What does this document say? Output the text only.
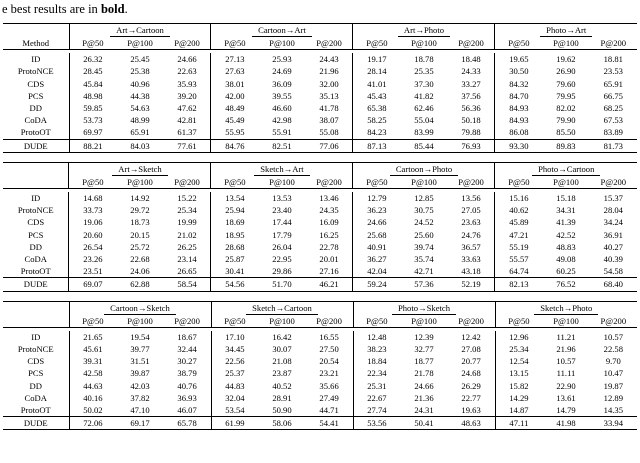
e best results are in bold.
	Art→Cartoon			Cartoon→Art			Art→Photo			Photo→Art		
Method	P@50	P@100	P@200	P@50	P@100	P@200	P@50	P@100	P@200	P@50	P@100	P@200

ID	26.32	25.45	24.66	27.13	25.93	24.43	19.17	18.78	18.48	19.65	19.62	18.81
ProtoNCE	28.45	25.38	22.63	27.63	24.69	21.96	28.14	25.35	24.33	30.50	26.90	23.53
CDS	45.84	40.96	35.93	38.01	36.09	32.00	41.01	37.30	33.27	84.32	79.60	65.91
PCS	48.98	44.38	39.20	42.00	39.55	35.13	45.43	41.82	37.56	84.70	79.95	66.75
DD	59.85	54.63	47.62	48.49	46.60	41.78	65.38	62.46	56.36	84.93	82.02	68.25
CoDA	53.73	48.99	42.81	45.49	42.98	38.07	58.25	55.04	50.18	84.93	79.90	67.53
ProtoOT	69.97	65.91	61.37	55.95	55.91	55.08	84.23	83.99	79.88	86.08	85.50	83.89
DUDE	88.21	84.03	77.61	84.76	82.51	77.06	87.13	85.44	76.93	93.30	89.83	81.73

	Art→Sketch			Sketch→Art			Cartoon→Photo			Photo→Cartoon		
	P@50	P@100	P@200	P@50	P@100	P@200	P@50	P@100	P@200	P@50	P@100	P@200

ID	14.68	14.92	15.22	13.54	13.53	13.46	12.79	12.85	13.56	15.16	15.18	15.37
ProtoNCE	33.73	29.72	25.34	25.94	23.40	24.35	36.23	30.75	27.05	40.62	34.31	28.04
CDS	19.06	18.73	19.99	18.69	17.44	16.09	24.66	24.52	23.63	45.89	41.39	34.24
PCS	20.60	20.15	21.02	18.95	17.79	16.25	25.68	25.60	24.76	47.21	42.52	36.91
DD	26.54	25.72	26.25	28.68	26.04	22.78	40.91	39.74	36.57	55.19	48.83	40.27
CoDA	23.26	22.68	23.14	25.87	22.95	20.01	36.27	35.74	33.63	55.57	49.08	40.39
ProtoOT	23.51	24.06	26.65	30.41	29.86	27.16	42.04	42.71	43.18	64.74	60.25	54.58
DUDE	69.07	62.88	58.54	54.56	51.70	46.21	59.24	57.36	52.19	82.13	76.52	68.40

	Cartoon→Sketch			Sketch→Cartoon			Photo→Sketch			Sketch→Photo		
	P@50	P@100	P@200	P@50	P@100	P@200	P@50	P@100	P@200	P@50	P@100	P@200

ID	21.65	19.54	18.67	17.10	16.42	16.55	12.48	12.39	12.42	12.96	11.21	10.57
ProtoNCE	45.61	39.77	32.44	34.45	30.07	27.50	38.23	32.77	27.08	25.34	21.96	22.58
CDS	39.31	31.51	30.27	22.56	21.08	20.54	18.84	18.77	20.77	12.54	10.57	9.70
PCS	42.58	39.87	38.79	25.37	23.87	23.21	22.34	21.78	24.68	13.15	11.11	10.47
DD	44.63	42.03	40.76	44.83	40.52	35.66	25.31	24.66	26.29	15.82	22.90	19.87
CoDA	40.16	37.82	36.93	32.04	28.91	27.49	22.67	21.36	22.77	14.29	13.61	12.89
ProtoOT	50.02	47.10	46.07	53.54	50.90	44.71	27.74	24.31	19.63	14.87	14.79	14.35
DUDE	72.06	69.17	65.78	61.99	58.06	54.41	53.56	50.41	48.63	47.11	41.98	33.94
